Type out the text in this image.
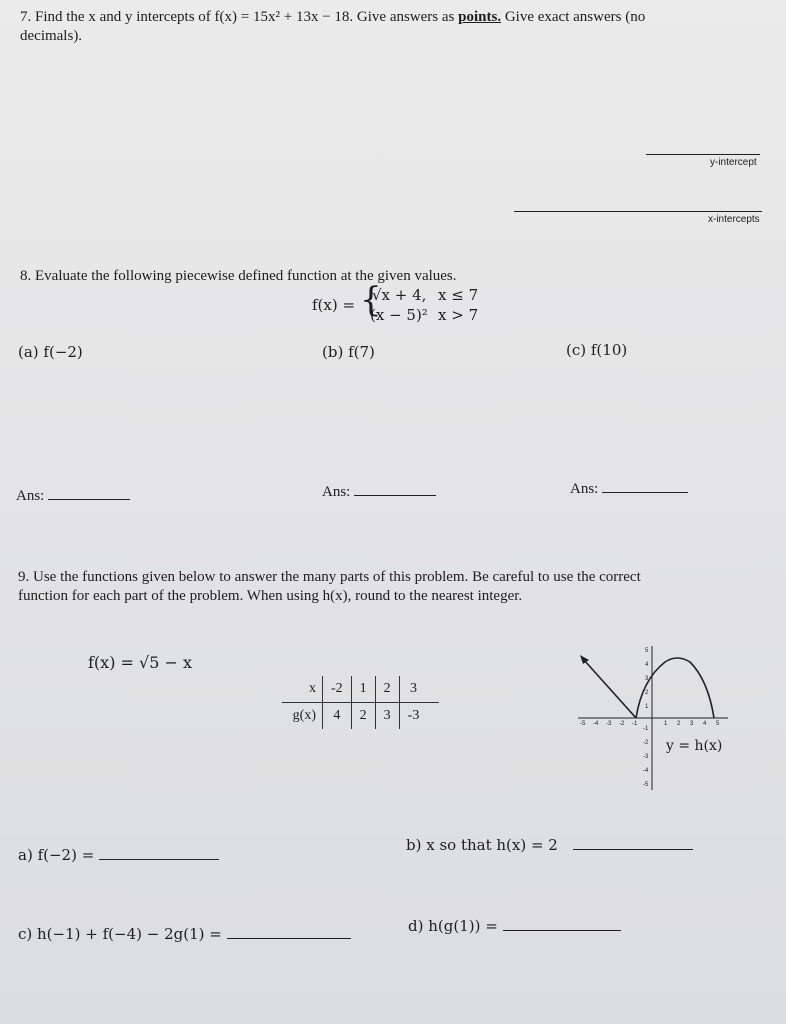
7. Find the x and y intercepts of f(x) = 15x² + 13x − 18. Give answers as points. Give exact answers (no
decimals).
y-intercept
x-intercepts
8. Evaluate the following piecewise defined function at the given values.
f(x) = {
√x + 4, x ≤ 7
(x − 5)² x > 7
(a) f(−2)	(b) f(7)	(c) f(10)
Ans:	Ans:	Ans:
9. Use the functions given below to answer the many parts of this problem. Be careful to use the correct
function for each part of the problem. When using h(x), round to the nearest integer.
f(x) = √5 − x
x	-2	1	2	3
g(x)	4	2	3	-3
5
4
3
2
1
-1
-2
-3
-4
-5
-5 -4 -3 -2 -1	1 2 3 4 5
y = h(x)
a) f(−2) =
b) x so that h(x) = 2
c) h(−1) + f(−4) − 2g(1) =	d) h(g(1)) =
